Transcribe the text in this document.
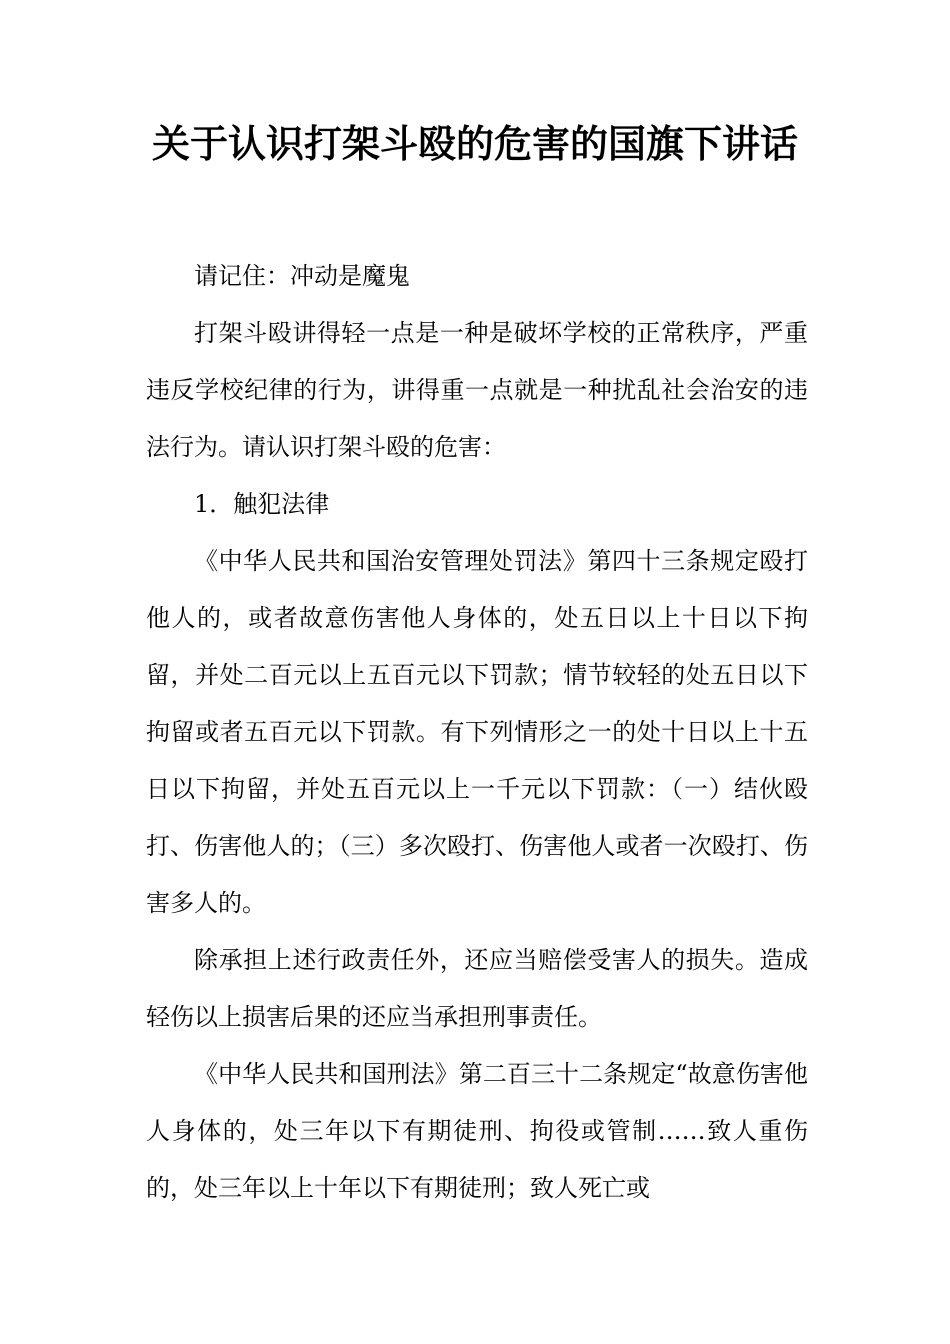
关于认识打架斗殴的危害的国旗下讲话

请记住：冲动是魔鬼

打架斗殴讲得轻一点是一种是破坏学校的正常秩序，严重违反学校纪律的行为，讲得重一点就是一种扰乱社会治安的违法行为。请认识打架斗殴的危害：

1．触犯法律

《中华人民共和国治安管理处罚法》第四十三条规定殴打他人的，或者故意伤害他人身体的，处五日以上十日以下拘留，并处二百元以上五百元以下罚款；情节较轻的处五日以下拘留或者五百元以下罚款。有下列情形之一的处十日以上十五日以下拘留，并处五百元以上一千元以下罚款：（一）结伙殴打、伤害他人的；（三）多次殴打、伤害他人或者一次殴打、伤害多人的。

除承担上述行政责任外，还应当赔偿受害人的损失。造成轻伤以上损害后果的还应当承担刑事责任。

《中华人民共和国刑法》第二百三十二条规定“故意伤害他人身体的，处三年以下有期徒刑、拘役或管制……致人重伤的，处三年以上十年以下有期徒刑；致人死亡或
